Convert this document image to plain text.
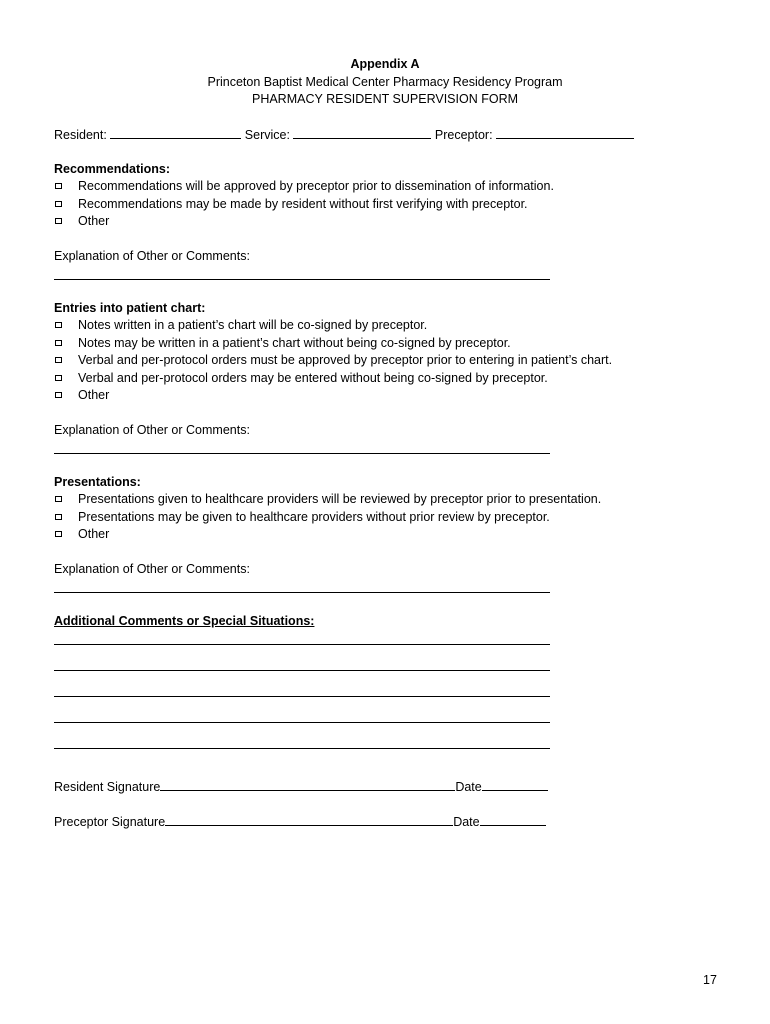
Appendix A
Princeton Baptist Medical Center Pharmacy Residency Program
PHARMACY RESIDENT SUPERVISION FORM
Resident:	Service:	Preceptor:
Recommendations:
Recommendations will be approved by preceptor prior to dissemination of information.
Recommendations may be made by resident without first verifying with preceptor.
Other
Explanation of Other or Comments:
Entries into patient chart:
Notes written in a patient’s chart will be co-signed by preceptor.
Notes may be written in a patient’s chart without being co-signed by preceptor.
Verbal and per-protocol orders must be approved by preceptor prior to entering in patient’s chart.
Verbal and per-protocol orders may be entered without being co-signed by preceptor.
Other
Explanation of Other or Comments:
Presentations:
Presentations given to healthcare providers will be reviewed by preceptor prior to presentation.
Presentations may be given to healthcare providers without prior review by preceptor.
Other
Explanation of Other or Comments:
Additional Comments or Special Situations:
Resident Signature	Date
Preceptor Signature	Date
17
